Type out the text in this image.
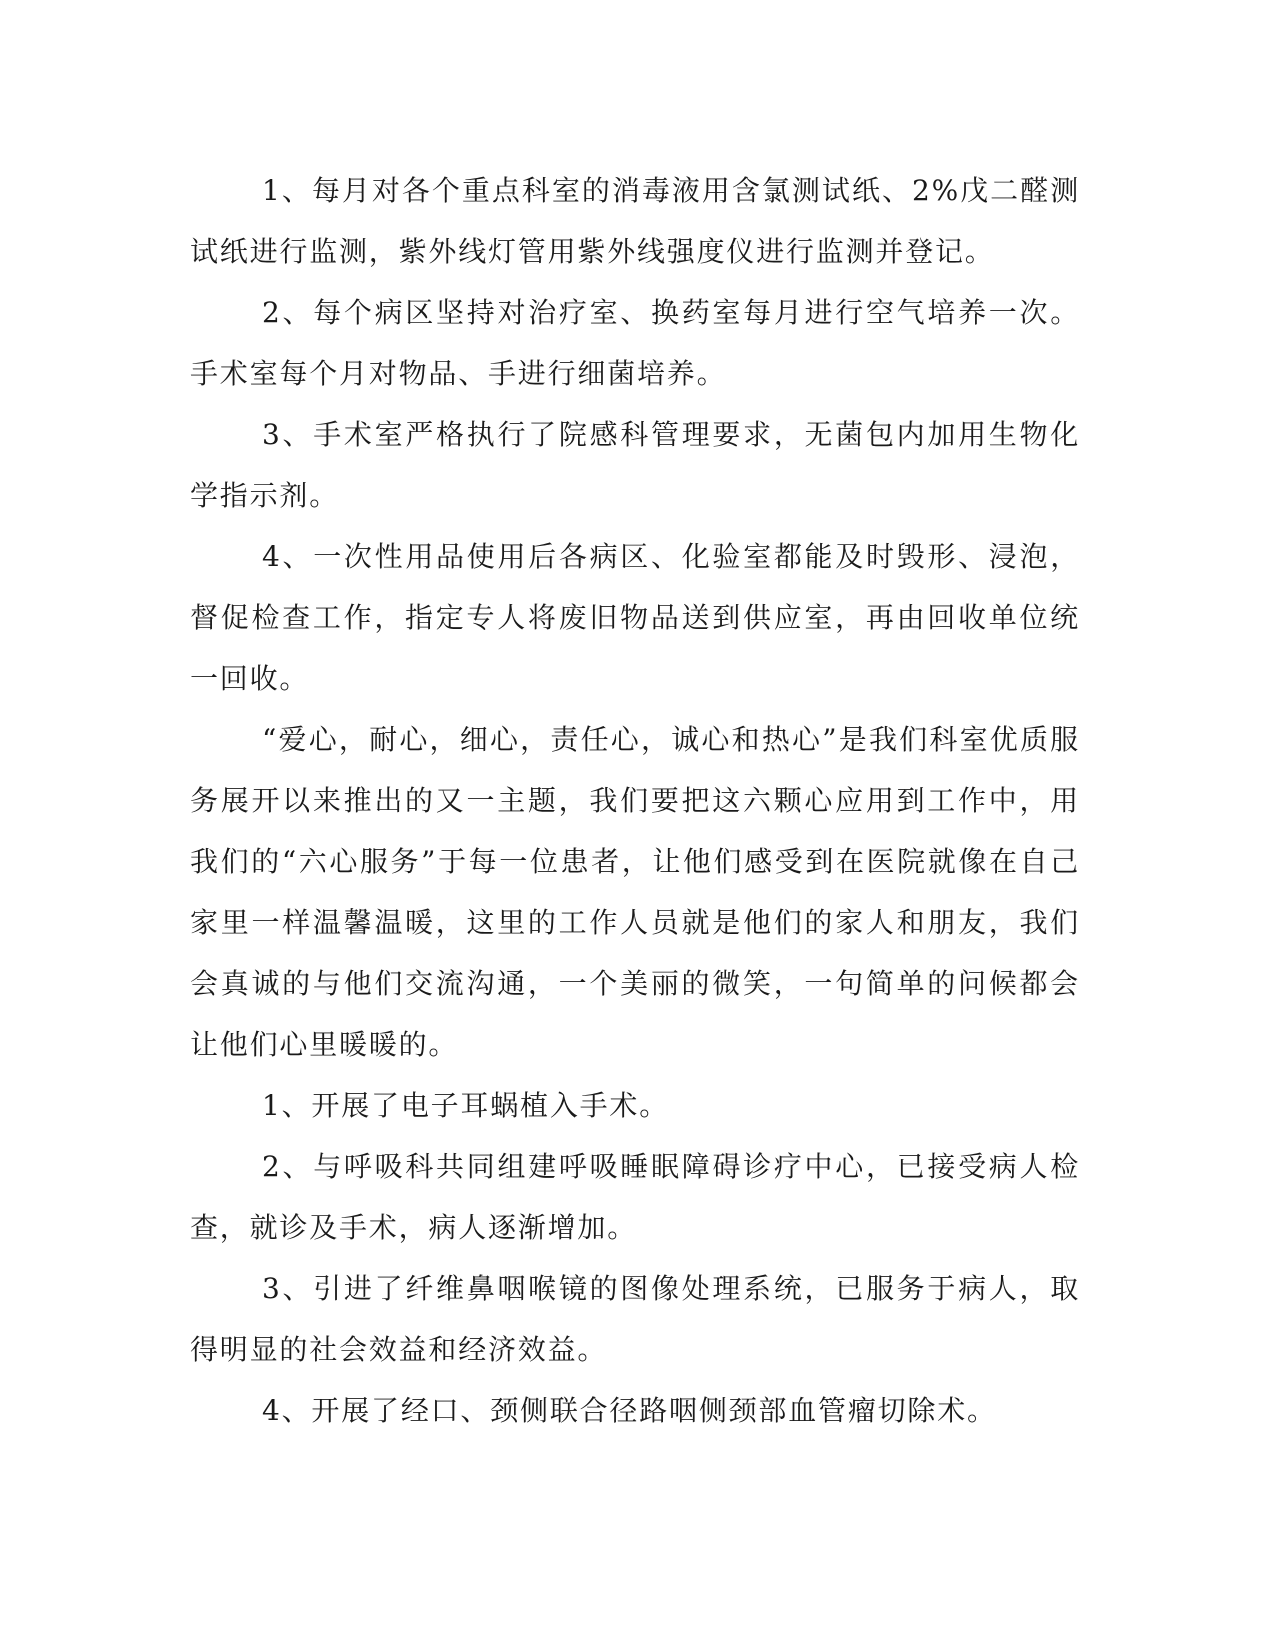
1、每月对各个重点科室的消毒液用含氯测试纸、2%戊二醛测试纸进行监测，紫外线灯管用紫外线强度仪进行监测并登记。

2、每个病区坚持对治疗室、换药室每月进行空气培养一次。手术室每个月对物品、手进行细菌培养。

3、手术室严格执行了院感科管理要求，无菌包内加用生物化学指示剂。

4、一次性用品使用后各病区、化验室都能及时毁形、浸泡，督促检查工作，指定专人将废旧物品送到供应室，再由回收单位统一回收。

“爱心，耐心，细心，责任心，诚心和热心”是我们科室优质服务展开以来推出的又一主题，我们要把这六颗心应用到工作中，用我们的“六心服务”于每一位患者，让他们感受到在医院就像在自己家里一样温馨温暖，这里的工作人员就是他们的家人和朋友，我们会真诚的与他们交流沟通，一个美丽的微笑，一句简单的问候都会让他们心里暖暖的。

1、开展了电子耳蜗植入手术。

2、与呼吸科共同组建呼吸睡眠障碍诊疗中心，已接受病人检查，就诊及手术，病人逐渐增加。

3、引进了纤维鼻咽喉镜的图像处理系统，已服务于病人，取得明显的社会效益和经济效益。

4、开展了经口、颈侧联合径路咽侧颈部血管瘤切除术。
